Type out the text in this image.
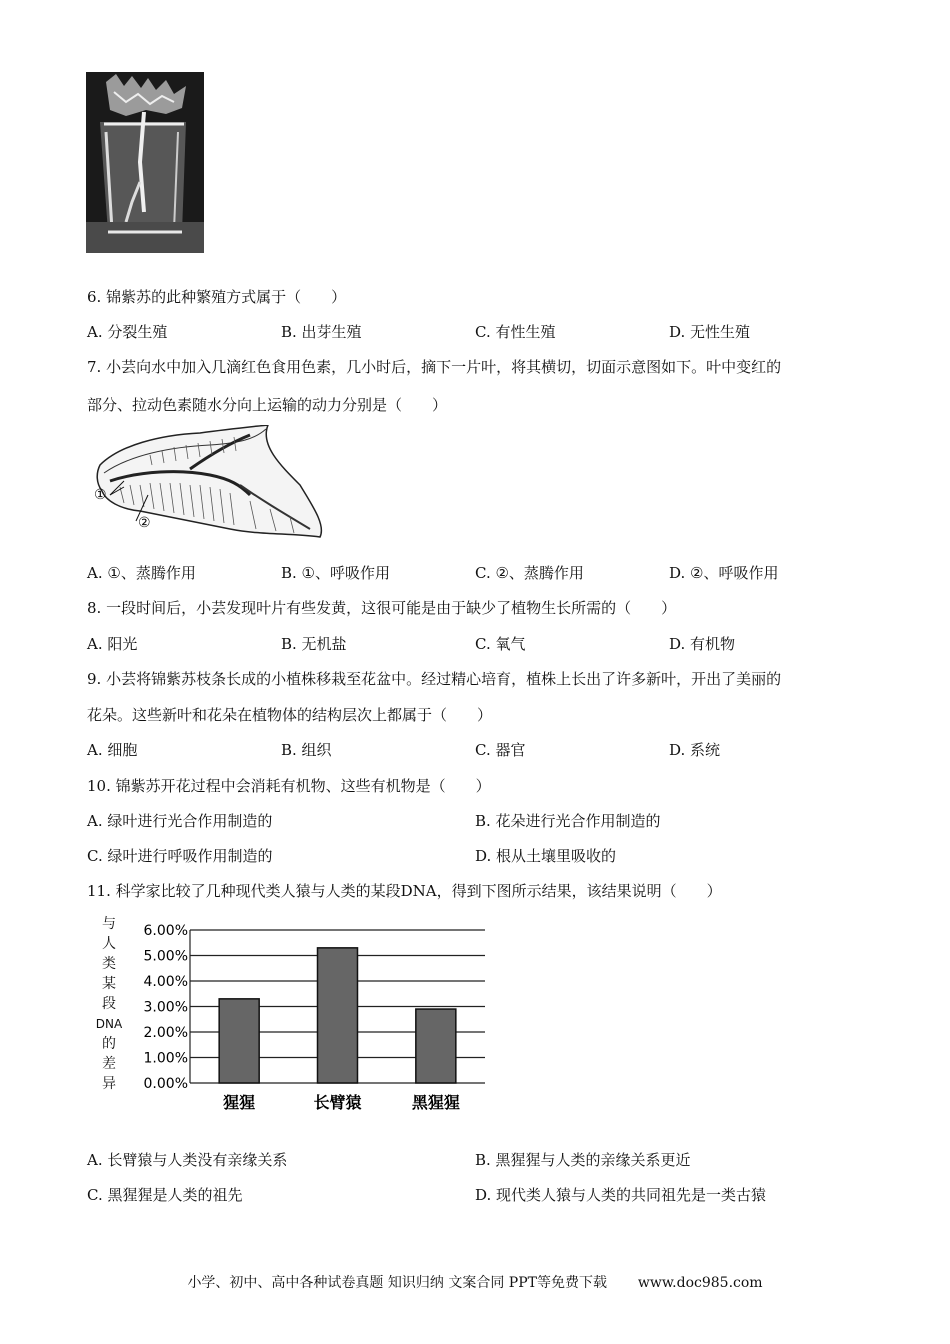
6. 锦紫苏的此种繁殖方式属于（　　）
A. 分裂生殖	B. 出芽生殖	C. 有性生殖	D. 无性生殖
7. 小芸向水中加入几滴红色食用色素，几小时后，摘下一片叶，将其横切，切面示意图如下。叶中变红的
部分、拉动色素随水分向上运输的动力分别是（　　）
①
②
A. ①、蒸腾作用	B. ①、呼吸作用	C. ②、蒸腾作用	D. ②、呼吸作用
8. 一段时间后，小芸发现叶片有些发黄，这很可能是由于缺少了植物生长所需的（　　）
A. 阳光	B. 无机盐	C. 氧气	D. 有机物
9. 小芸将锦紫苏枝条长成的小植株移栽至花盆中。经过精心培育，植株上长出了许多新叶，开出了美丽的
花朵。这些新叶和花朵在植物体的结构层次上都属于（　　）
A. 细胞	B. 组织	C. 器官	D. 系统
10. 锦紫苏开花过程中会消耗有机物、这些有机物是（　　）
A. 绿叶进行光合作用制造的	B. 花朵进行光合作用制造的
C. 绿叶进行呼吸作用制造的	D. 根从土壤里吸收的
11. 科学家比较了几种现代类人猿与人类的某段DNA，得到下图所示结果，该结果说明（　　）
与
人
类
某
段
DNA
的
差
异
6.00%
5.00%
4.00%
3.00%
2.00%
1.00%
0.00%
猩猩	长臂猿	黑猩猩
A. 长臂猿与人类没有亲缘关系	B. 黑猩猩与人类的亲缘关系更近
C. 黑猩猩是人类的祖先	D. 现代类人猿与人类的共同祖先是一类古猿
小学、初中、高中各种试卷真题 知识归纳 文案合同 PPT等免费下载 www.doc985.com
